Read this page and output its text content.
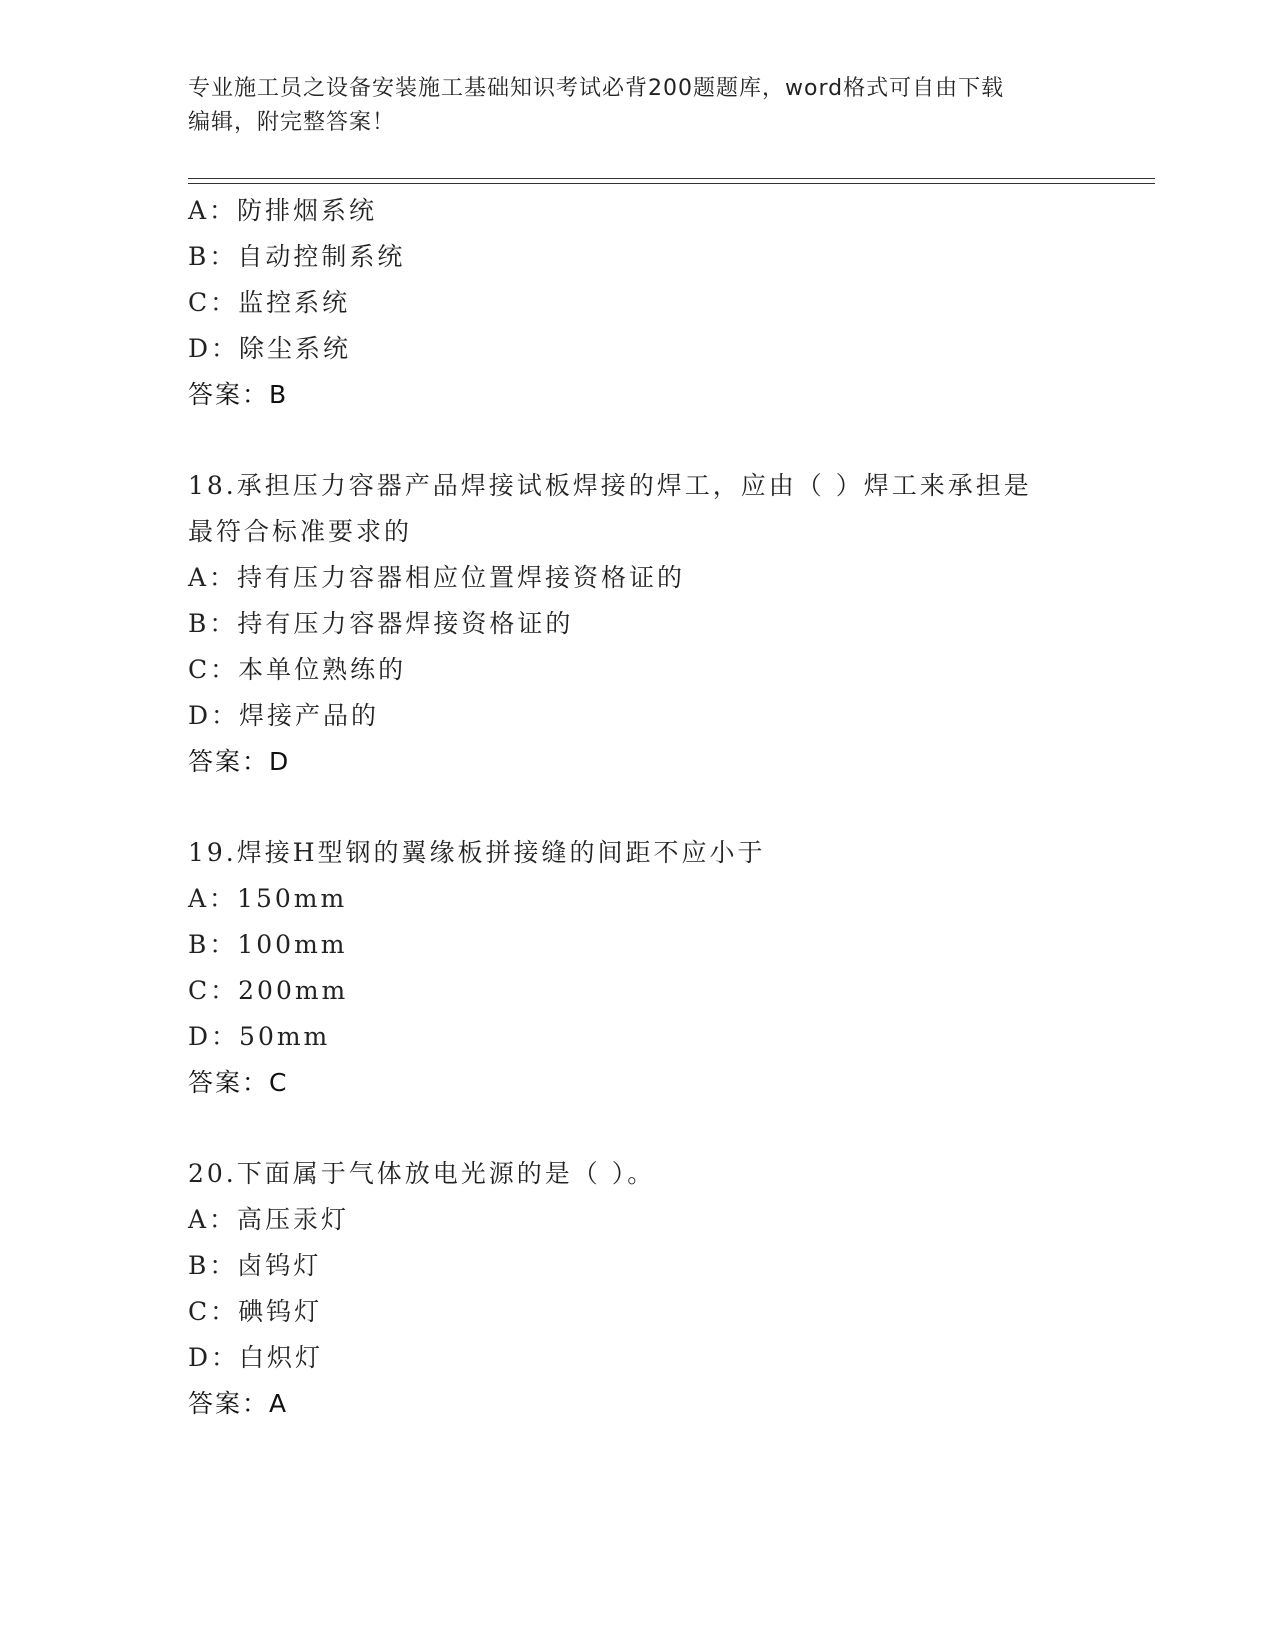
专业施工员之设备安装施工基础知识考试必背200题题库，word格式可自由下载
编辑，附完整答案！
A：防排烟系统
B：自动控制系统
C：监控系统
D：除尘系统
答案：B
18.承担压力容器产品焊接试板焊接的焊工，应由（ ）焊工来承担是
最符合标准要求的
A：持有压力容器相应位置焊接资格证的
B：持有压力容器焊接资格证的
C：本单位熟练的
D：焊接产品的
答案：D
19.焊接H型钢的翼缘板拼接缝的间距不应小于
A：150mm
B：100mm
C：200mm
D：50mm
答案：C
20.下面属于气体放电光源的是（ ）。
A：高压汞灯
B：卤钨灯
C：碘钨灯
D：白炽灯
答案：A
